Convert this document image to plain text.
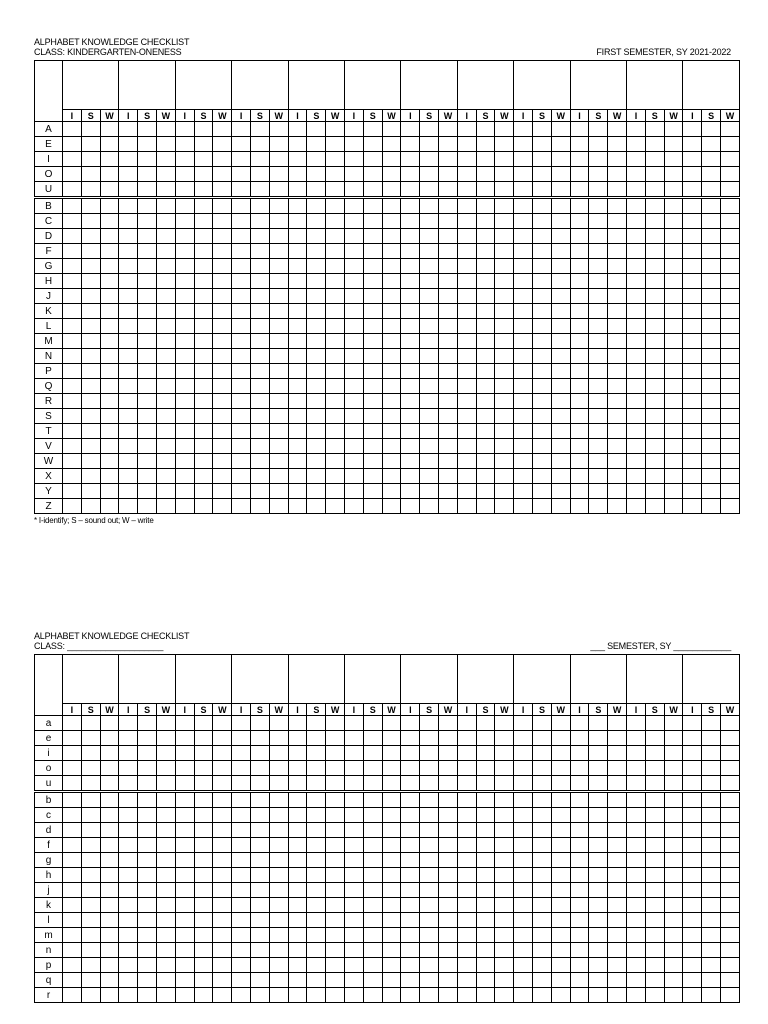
ALPHABET KNOWLEDGE CHECKLIST
CLASS: KINDERGARTEN-ONENESS	FIRST SEMESTER, SY 2021-2022

	I	S	W	I	S	W	I	S	W	I	S	W	I	S	W	I	S	W	I	S	W	I	S	W	I	S	W	I	S	W	I	S	W	I	S	W
A																																				
E																																				
I																																				
O																																				
U																																				
B																																				
C																																				
D																																				
F																																				
G																																				
H																																				
J																																				
K																																				
L																																				
M																																				
N																																				
P																																				
Q																																				
R																																				
S																																				
T																																				
V																																				
W																																				
X																																				
Y																																				
Z																																				
* I-identify; S – sound out; W – write
ALPHABET KNOWLEDGE CHECKLIST
CLASS: ____________________	___ SEMESTER, SY ____________

	I	S	W	I	S	W	I	S	W	I	S	W	I	S	W	I	S	W	I	S	W	I	S	W	I	S	W	I	S	W	I	S	W	I	S	W
a																																				
e																																				
i																																				
o																																				
u																																				
b																																				
c																																				
d																																				
f																																				
g																																				
h																																				
j																																				
k																																				
l																																				
m																																				
n																																				
p																																				
q																																				
r																																				
